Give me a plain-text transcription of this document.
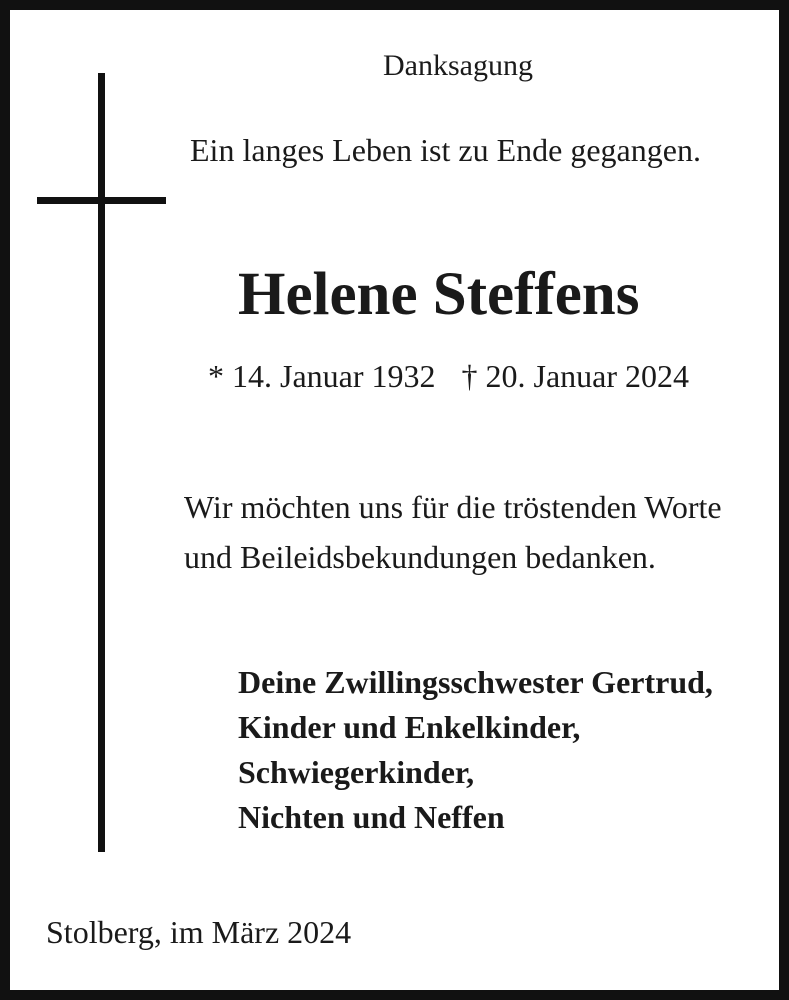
Danksagung
Ein langes Leben ist zu Ende gegangen.
Helene Steffens
* 14. Januar 1932 † 20. Januar 2024
Wir möchten uns für die tröstenden Worte
und Beileidsbekundungen bedanken.
Deine Zwillingsschwester Gertrud,
Kinder und Enkelkinder,
Schwiegerkinder,
Nichten und Neffen
Stolberg, im März 2024
